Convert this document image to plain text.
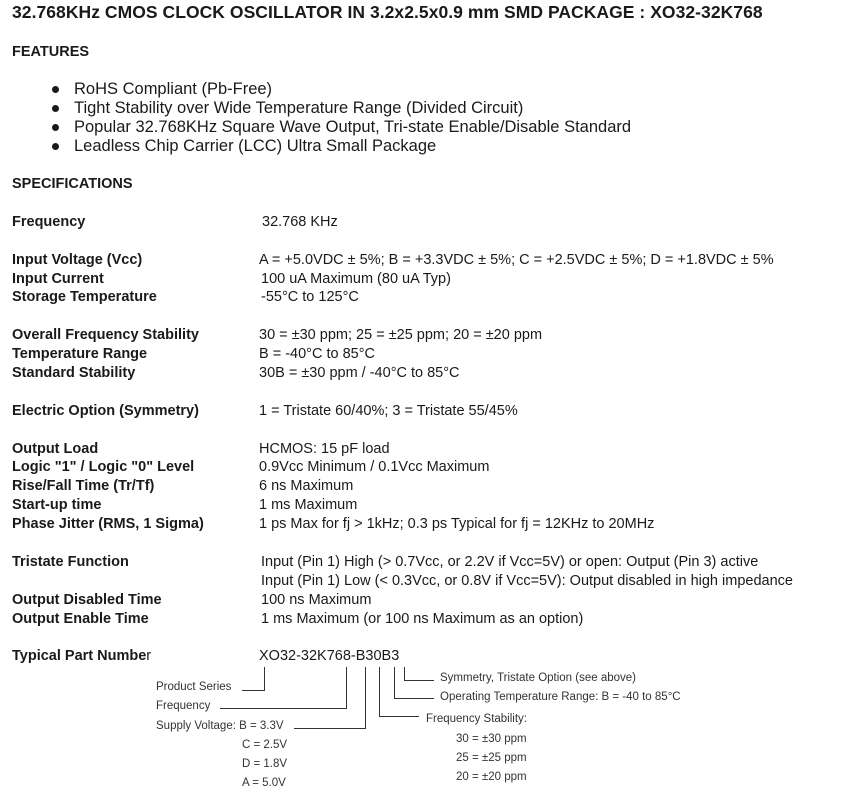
32.768KHz CMOS CLOCK OSCILLATOR IN 3.2x2.5x0.9 mm SMD PACKAGE : XO32-32K768
FEATURES
RoHS Compliant (Pb-Free)
Tight Stability over Wide Temperature Range (Divided Circuit)
Popular 32.768KHz Square Wave Output, Tri-state Enable/Disable Standard
Leadless Chip Carrier (LCC) Ultra Small Package
SPECIFICATIONS
Frequency	32.768 KHz
Input Voltage (Vcc)	A = +5.0VDC ± 5%; B = +3.3VDC ± 5%; C = +2.5VDC ± 5%; D = +1.8VDC ± 5%
Input Current	100 uA Maximum (80 uA Typ)
Storage Temperature	-55°C to 125°C
Overall Frequency Stability	30 = ±30 ppm; 25 = ±25 ppm; 20 = ±20 ppm
Temperature Range	B = -40°C to 85°C
Standard Stability	30B = ±30 ppm / -40°C to 85°C
Electric Option (Symmetry)	1 = Tristate 60/40%; 3 = Tristate 55/45%
Output Load	HCMOS: 15 pF load
Logic "1" / Logic "0" Level	0.9Vcc Minimum / 0.1Vcc Maximum
Rise/Fall Time (Tr/Tf)	6 ns Maximum
Start-up time	1 ms Maximum
Phase Jitter (RMS, 1 Sigma)	1 ps Max for fj > 1kHz; 0.3 ps Typical for fj = 12KHz to 20MHz
Tristate Function	Input (Pin 1) High (> 0.7Vcc, or 2.2V if Vcc=5V) or open: Output (Pin 3) active
Input (Pin 1) Low (< 0.3Vcc, or 0.8V if Vcc=5V): Output disabled in high impedance
Output Disabled Time	100 ns Maximum
Output Enable Time	1 ms Maximum (or 100 ns Maximum as an option)
Typical Part Number	XO32-32K768-B30B3
Product Series
Frequency
Supply Voltage: B = 3.3V
C = 2.5V
D = 1.8V
A = 5.0V
Symmetry, Tristate Option (see above)
Operating Temperature Range: B = -40 to 85°C
Frequency Stability:
30 = ±30 ppm
25 = ±25 ppm
20 = ±20 ppm
